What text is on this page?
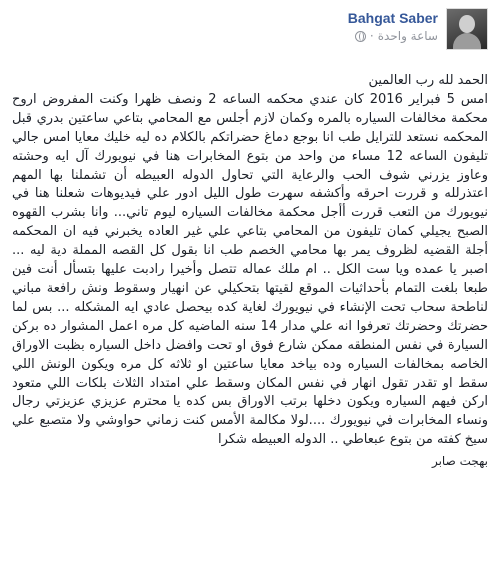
Bahgat Saber
ساعة واحدة
·

الحمد لله رب العالمين

امس 5 فبراير 2016 كان عندي محكمه الساعه 2 ونصف ظهرا وكنت المفروض اروح محكمة مخالفات السياره بالمره وكمان لازم أجلس مع المحامي بتاعي ساعتين بدري قبل المحكمه نستعد للترايل طب انا بوجع دماغ حضراتكم بالكلام ده ليه خليك معايا امس جالي تليفون الساعه 12 مساء من واحد من بتوع المخابرات هنا في نيويورك آل ايه وحشته وعاوز يزرني شوف الحب والرعاية التي تحاول الدوله العبيطه أن تشملنا بها المهم اعتذرلله و قررت احرقه وأكشفه سهرت طول الليل ادور علي فيديوهات شعلنا هنا في نيويورك من التعب قررت أأجل محكمة مخالفات السياره ليوم تاني... وانا بشرب القهوه الصبح يجيلي كمان تليفون من المحامي بتاعي علي غير العاده يخبرني فيه ان المحكمه أجلة القضيه لظروف يمر بها محامي الخصم طب انا بقول كل القصه المملة دية ليه ... اصبر يا عمده ويا ست الكل .. ام ملك عماله تتصل وأخيرا رادبت عليها بتسأل أنت فين طبعا بلغت التمام بأحداثيات الموقع لقيتها بتحكيلي عن انهيار وسقوط ونش رافعة مباني لناطحة سحاب تحت الإنشاء في نيويورك لغاية كده بيحصل عادي ايه المشكله ... بس لما حضرتك وحضرتك تعرفوا انه علي مدار 14 سنه الماضيه كل مره اعمل المشوار ده بركن السيارة في نفس المنطقه ممكن شارع فوق او تحت وافضل داخل السياره بظبت الاوراق الخاصه بمخالفات السياره وده بياخد معايا ساعتين او ثلاثه كل مره ويكون الونش اللي سقط او تقدر تقول انهار في نفس المكان وسقط علي امتداد الثلاث بلكات اللي متعود اركن فيهم السياره ويكون دخلها برتب الاوراق بس كده يا محترم عزيزي عزيزتي رجال ونساء المخابرات في نيويورك ....لولا مكالمة الأمس كنت زماني حواوشي ولا متصبع علي سيخ كفته من بتوع عبعاطي .. الدوله العبيطه شكرا

بهجت صابر
